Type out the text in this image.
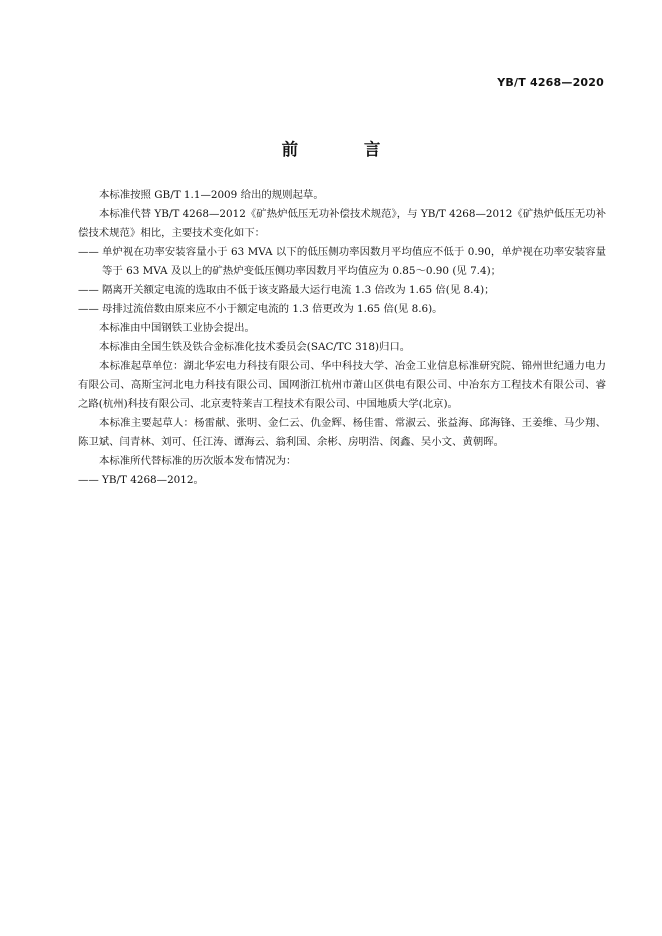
YB/T 4268—2020
前 言

本标准按照 GB/T 1.1—2009 给出的规则起草。

本标准代替 YB/T 4268—2012《矿热炉低压无功补偿技术规范》，与 YB/T 4268—2012《矿热炉低压无功补偿技术规范》相比，主要技术变化如下：

—— 单炉视在功率安装容量小于 63 MVA 以下的低压侧功率因数月平均值应不低于 0.90，单炉视在功率安装容量等于 63 MVA 及以上的矿热炉变低压侧功率因数月平均值应为 0.85～0.90 (见 7.4)；

—— 隔离开关额定电流的选取由不低于该支路最大运行电流 1.3 倍改为 1.65 倍(见 8.4)；

—— 母排过流倍数由原来应不小于额定电流的 1.3 倍更改为 1.65 倍(见 8.6)。

本标准由中国钢铁工业协会提出。

本标准由全国生铁及铁合金标准化技术委员会(SAC/TC 318)归口。

本标准起草单位：湖北华宏电力科技有限公司、华中科技大学、冶金工业信息标准研究院、锦州世纪通力电力有限公司、高斯宝河北电力科技有限公司、国网浙江杭州市萧山区供电有限公司、中冶东方工程技术有限公司、睿之路(杭州)科技有限公司、北京麦特莱吉工程技术有限公司、中国地质大学(北京)。

本标准主要起草人：杨雷献、张明、金仁云、仇金辉、杨佳雷、常淑云、张益海、邱海锋、王姜维、马少翔、陈卫斌、闫青林、刘可、任江涛、谭海云、翁利国、余彬、房明浩、闵鑫、吴小文、黄朝晖。

本标准所代替标准的历次版本发布情况为：

—— YB/T 4268—2012。
